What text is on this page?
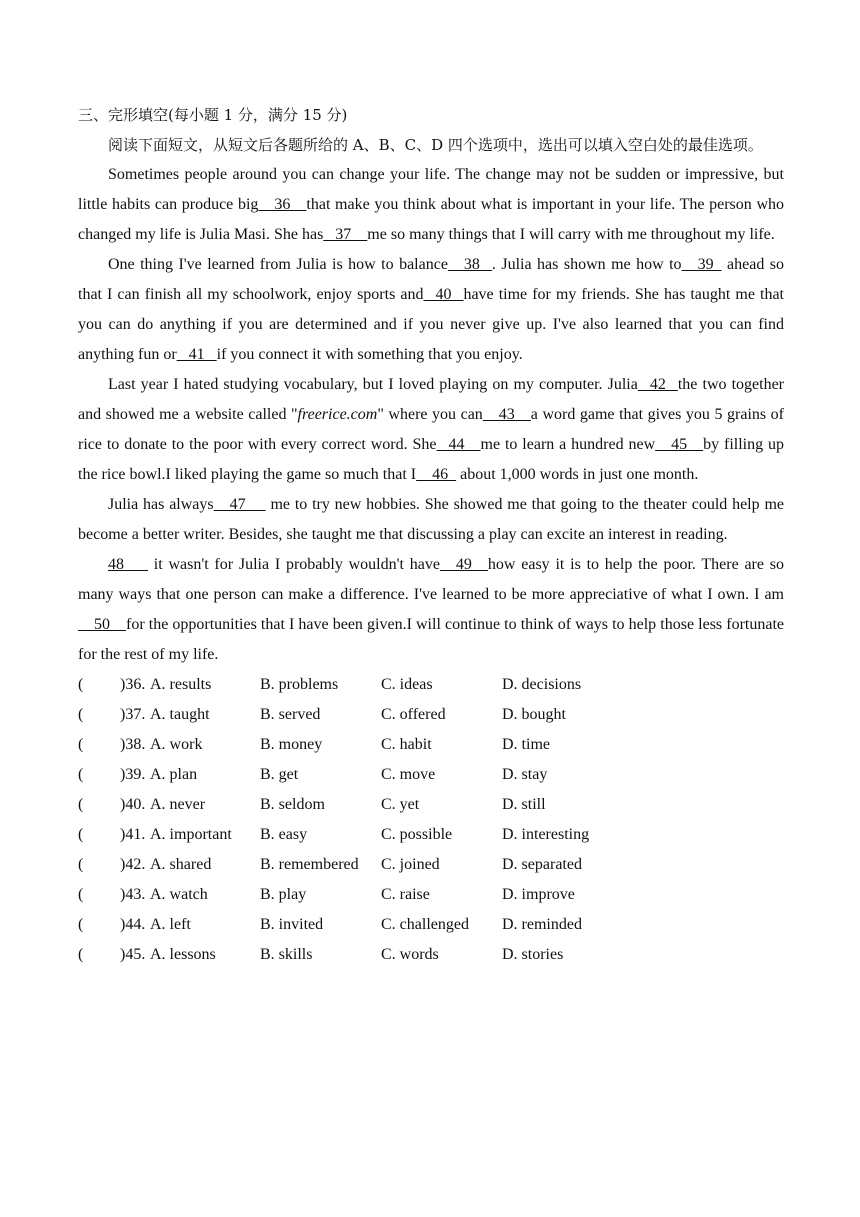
三、完形填空(每小题 1 分，满分 15 分)

阅读下面短文，从短文后各题所给的 A、B、C、D 四个选项中，选出可以填入空白处的最佳选项。

Sometimes people around you can change your life. The change may not be sudden or impressive, but little habits can produce big    36    that make you think about what is important in your life. The person who changed my life is Julia Masi. She has   37    me so many things that I will carry with me throughout my life.

One thing I've learned from Julia is how to balance    38   . Julia has shown me how to    39   ahead so that I can finish all my schoolwork, enjoy sports and   40   have time for my friends. She has taught me that you can do anything if you are determined and if you never give up. I've also learned that you can find anything fun or   41   if you connect it with something that you enjoy.

Last year I hated studying vocabulary, but I loved playing on my computer. Julia   42   the two together and showed me a website called "freerice.com" where you can    43    a word game that gives you 5 grains of rice to donate to the poor with every correct word. She   44    me to learn a hundred new    45    by filling up the rice bowl.I liked playing the game so much that I    46   about 1,000 words in just one month.

Julia has always    47      me to try new hobbies. She showed me that going to the theater could help me become a better writer. Besides, she taught me that discussing a play can excite an interest in reading.

48       it wasn't for Julia I probably wouldn't have    49    how easy it is to help the poor. There are so many ways that one person can make a difference. I've learned to be more appreciative of what I own. I am    50    for the opportunities that I have been given.I will continue to think of ways to help those less fortunate for the rest of my life.

(	)36. A. results	B. problems	C. ideas	D. decisions
(	)37. A. taught	B. served	C. offered	D. bought
(	)38. A. work	B. money	C. habit	D. time
(	)39. A. plan	B. get	C. move	D. stay
(	)40. A. never	B. seldom	C. yet	D. still
(	)41. A. important	B. easy	C. possible	D. interesting
(	)42. A. shared	B. remembered	C. joined	D. separated
(	)43. A. watch	B. play	C. raise	D. improve
(	)44. A. left	B. invited	C. challenged	D. reminded
(	)45. A. lessons	B. skills	C. words	D. stories
